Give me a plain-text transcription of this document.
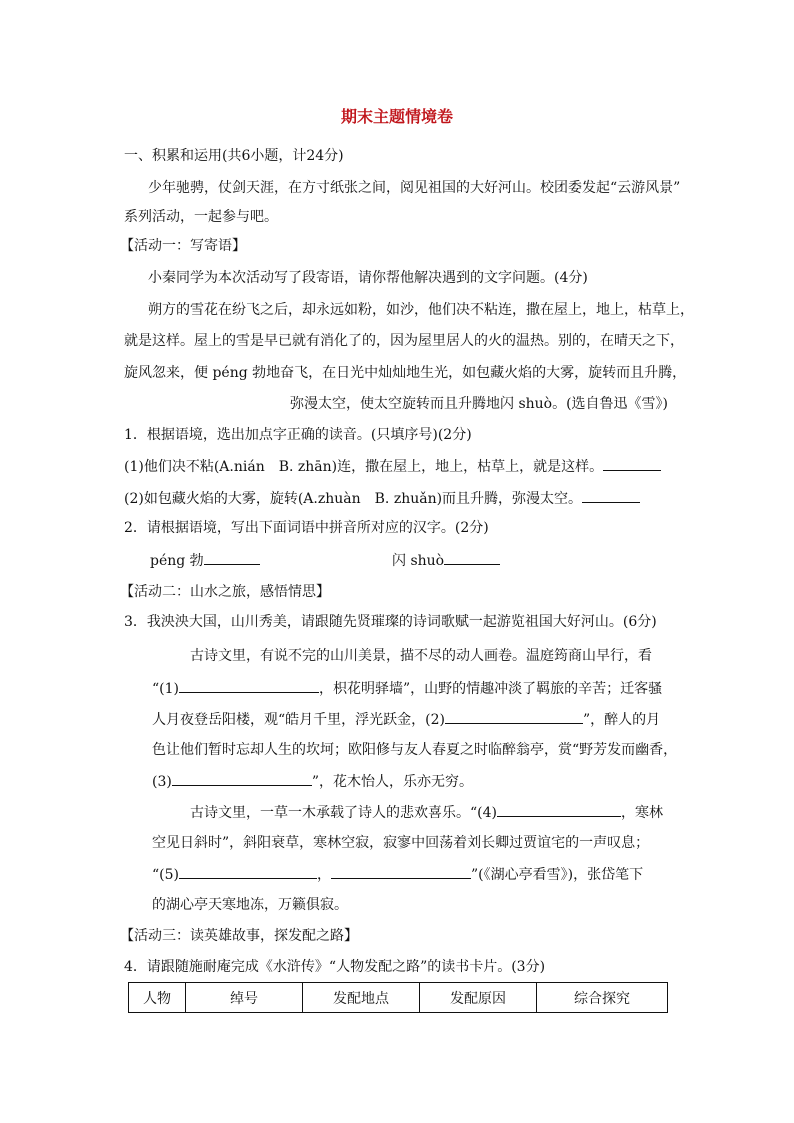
期末主题情境卷
一、积累和运用(共6小题，计24分)
少年驰骋，仗剑天涯，在方寸纸张之间，阅见祖国的大好河山。校团委发起“云游风景”
系列活动，一起参与吧。
【活动一：写寄语】
小秦同学为本次活动写了段寄语，请你帮他解决遇到的文字问题。(4分)
朔方的雪花在纷飞之后，却永远如粉，如沙，他们决不粘连，撒在屋上，地上，枯草上，
就是这样。屋上的雪是早已就有消化了的，因为屋里居人的火的温热。别的，在晴天之下，
旋风忽来，便 péng 勃地奋飞，在日光中灿灿地生光，如包藏火焰的大雾，旋转而且升腾，
弥漫太空，使太空旋转而且升腾地闪 shuò。(选自鲁迅《雪》)
1．根据语境，选出加点字正确的读音。(只填序号)(2分)
(1)他们决不粘(A.nián　B. zhān)连，撒在屋上，地上，枯草上，就是这样。
(2)如包藏火焰的大雾，旋转(A.zhuàn　B. zhuǎn)而且升腾，弥漫太空。
2．请根据语境，写出下面词语中拼音所对应的汉字。(2分)
péng 勃	闪 shuò
【活动二：山水之旅，感悟情思】
3．我泱泱大国，山川秀美，请跟随先贤璀璨的诗词歌赋一起游览祖国大好河山。(6分)
古诗文里，有说不完的山川美景，描不尽的动人画卷。温庭筠商山早行，看
“(1)	，枳花明驿墙”，山野的情趣冲淡了羁旅的辛苦；迁客骚
人月夜登岳阳楼，观“皓月千里，浮光跃金，(2)	”，醉人的月
色让他们暂时忘却人生的坎坷；欧阳修与友人春夏之时临醉翁亭，赏“野芳发而幽香，
(3)	”，花木怡人，乐亦无穷。
古诗文里，一草一木承载了诗人的悲欢喜乐。“(4)	，寒林
空见日斜时”，斜阳衰草，寒林空寂，寂寥中回荡着刘长卿过贾谊宅的一声叹息；
“(5)	，	”(《湖心亭看雪》)，张岱笔下
的湖心亭天寒地冻，万籁俱寂。
【活动三：读英雄故事，探发配之路】
4．请跟随施耐庵完成《水浒传》“人物发配之路”的读书卡片。(3分)
人物	绰号	发配地点	发配原因	综合探究
